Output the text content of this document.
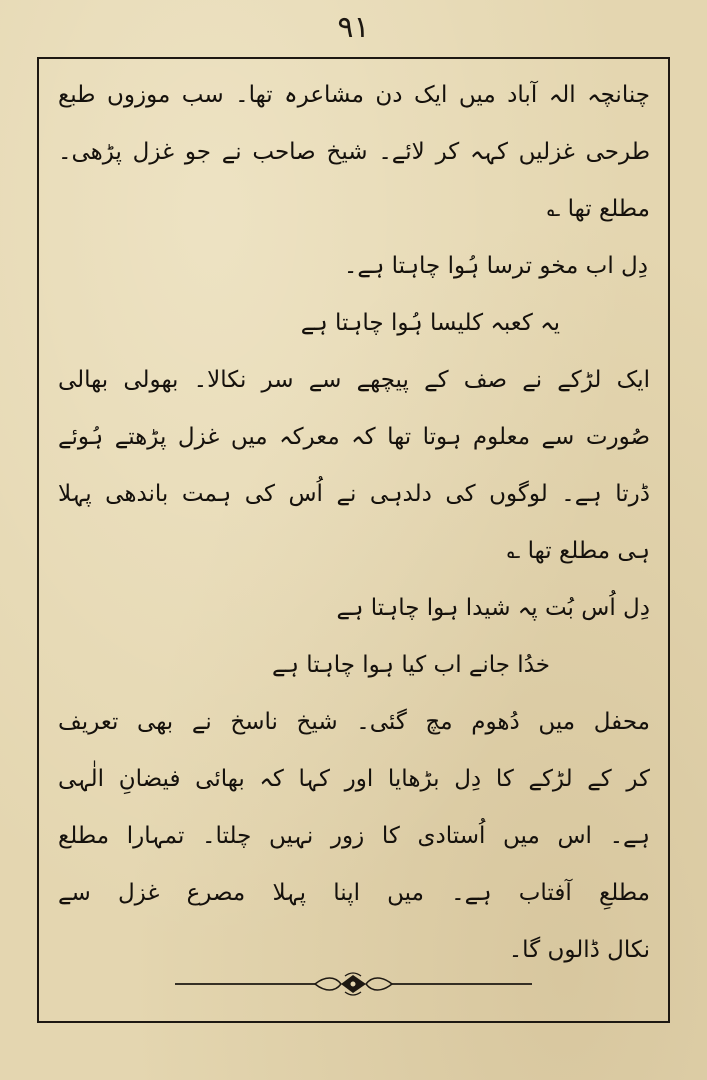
۹۱
چنانچہ الہ آباد میں ایک دن مشاعرہ تھا۔ سب موزوں طبع
طرحی غزلیں کہہ کر لائے۔ شیخ صاحب نے جو غزل پڑھی۔
مطلع تھا ؎
دِل اب مخو ترسا ہُوا چاہتا ہے۔
یہ کعبہ کلیسا ہُوا چاہتا ہے
ایک لڑکے نے صف کے پیچھے سے سر نکالا۔ بھولی بھالی
صُورت سے معلوم ہوتا تھا کہ معرکہ میں غزل پڑھتے ہُوئے
ڈرتا ہے۔ لوگوں کی دلدہی نے اُس کی ہمت باندھی پہلا
ہی مطلع تھا ؎
دِل اُس بُت پہ شیدا ہوا چاہتا ہے
خدُا جانے اب کیا ہوا چاہتا ہے
محفل میں دُھوم مچ گئی۔ شیخ ناسخ نے بھی تعریف
کر کے لڑکے کا دِل بڑھایا اور کہا کہ بھائی فیضانِ الٰہی
ہے۔ اس میں اُستادی کا زور نہیں چلتا۔ تمہارا مطلع
مطلعِ آفتاب ہے۔ میں اپنا پہلا مصرع غزل سے
نکال ڈالوں گا۔
